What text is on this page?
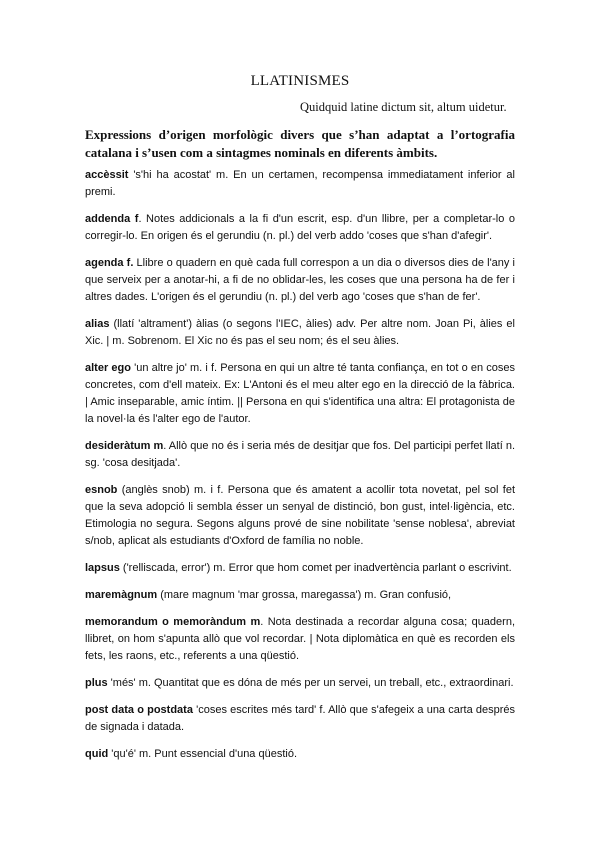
LLATINISMES
Quidquid latine dictum sit, altum uidetur.
Expressions d’origen morfològic divers que s’han adaptat a l’ortografia catalana i s’usen com a sintagmes nominals en diferents àmbits.

accèssit 's'hi ha acostat' m. En un certamen, recompensa immediatament inferior al premi.

addenda f. Notes addicionals a la fi d'un escrit, esp. d'un llibre, per a completar-lo o corregir-lo. En origen és el gerundiu (n. pl.) del verb addo 'coses que s'han d'afegir'.

agenda f. Llibre o quadern en què cada full correspon a un dia o diversos dies de l'any i que serveix per a anotar-hi, a fi de no oblidar-les, les coses que una persona ha de fer i altres dades. L'origen és el gerundiu (n. pl.) del verb ago 'coses que s'han de fer'.

alias (llatí 'altrament') àlias (o segons l'IEC, àlies) adv. Per altre nom. Joan Pi, àlies el Xic. | m. Sobrenom. El Xic no és pas el seu nom; és el seu àlies.

alter ego 'un altre jo' m. i f. Persona en qui un altre té tanta confiança, en tot o en coses concretes, com d'ell mateix. Ex: L'Antoni és el meu alter ego en la direcció de la fàbrica. | Amic inseparable, amic íntim. || Persona en qui s'identifica una altra: El protagonista de la novel·la és l'alter ego de l'autor.

desideràtum m. Allò que no és i seria més de desitjar que fos. Del participi perfet llatí n. sg. 'cosa desitjada'.

esnob (anglès snob) m. i f. Persona que és amatent a acollir tota novetat, pel sol fet que la seva adopció li sembla ésser un senyal de distinció, bon gust, intel·ligència, etc. Etimologia no segura. Segons alguns prové de sine nobilitate 'sense noblesa', abreviat s/nob, aplicat als estudiants d'Oxford de família no noble.

lapsus ('relliscada, error') m. Error que hom comet per inadvertència parlant o escrivint.

maremàgnum (mare magnum 'mar grossa, maregassa') m. Gran confusió,

memorandum o memoràndum m. Nota destinada a recordar alguna cosa; quadern, llibret, on hom s'apunta allò que vol recordar. | Nota diplomàtica en què es recorden els fets, les raons, etc., referents a una qüestió.

plus 'més' m. Quantitat que es dóna de més per un servei, un treball, etc., extraordinari.

post data o postdata 'coses escrites més tard' f. Allò que s'afegeix a una carta després de signada i datada.

quid 'qu'é' m. Punt essencial d'una qüestió.
